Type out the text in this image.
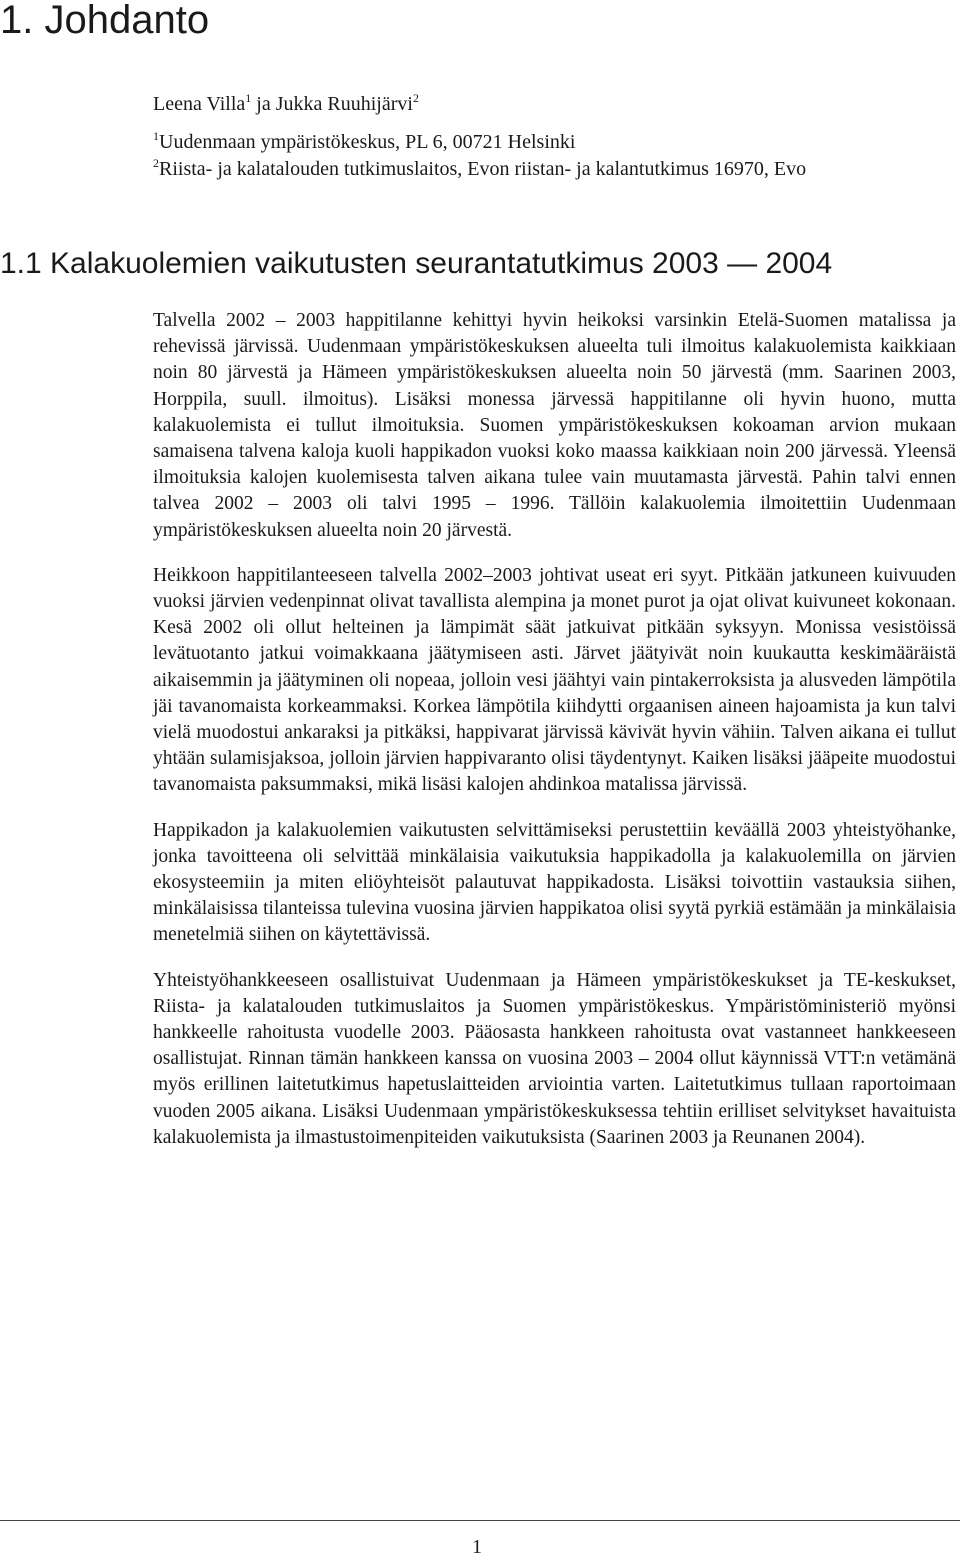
1. Johdanto
Leena Villa$^1$ ja Jukka Ruuhijärvi$^2$
$^1$Uudenmaan ympäristökeskus, PL 6, 00721 Helsinki
$^2$Riista- ja kalatalouden tutkimuslaitos, Evon riistan- ja kalantutkimus 16970, Evo
1.1 Kalakuolemien vaikutusten seurantatutkimus 2003 — 2004

Talvella 2002 – 2003 happitilanne kehittyi hyvin heikoksi varsinkin Etelä-Suomen matalissa ja rehevissä järvissä. Uudenmaan ympäristökeskuksen alueelta tuli ilmoitus kalakuolemista kaikkiaan noin 80 järvestä ja Hämeen ympäristökeskuksen alueelta noin 50 järvestä (mm. Saarinen 2003, Horppila, suull. ilmoitus). Lisäksi monessa järvessä happitilanne oli hyvin huono, mutta kalakuolemista ei tullut ilmoituksia. Suomen ympäristökeskuksen kokoaman arvion mukaan samaisena talvena kaloja kuoli happikadon vuoksi koko maassa kaikkiaan noin 200 järvessä. Yleensä ilmoituksia kalojen kuolemisesta talven aikana tulee vain muutamasta järvestä. Pahin talvi ennen talvea 2002 – 2003 oli talvi 1995 – 1996. Tällöin kalakuolemia ilmoitettiin Uudenmaan ympäristökeskuksen alueelta noin 20 järvestä.

Heikkoon happitilanteeseen talvella 2002–2003 johtivat useat eri syyt. Pitkään jatkuneen kuivuuden vuoksi järvien vedenpinnat olivat tavallista alempina ja monet purot ja ojat olivat kuivuneet kokonaan. Kesä 2002 oli ollut helteinen ja lämpimät säät jatkuivat pitkään syksyyn. Monissa vesistöissä levätuotanto jatkui voimakkaana jäätymiseen asti. Järvet jäätyivät noin kuukautta keskimääräistä aikaisemmin ja jäätyminen oli nopeaa, jolloin vesi jäähtyi vain pintakerroksista ja alusveden lämpötila jäi tavanomaista korkeammaksi. Korkea lämpötila kiihdytti orgaanisen aineen hajoamista ja kun talvi vielä muodostui ankaraksi ja pitkäksi, happivarat järvissä kävivät hyvin vähiin. Talven aikana ei tullut yhtään sulamisjaksoa, jolloin järvien happivaranto olisi täydentynyt. Kaiken lisäksi jääpeite muodostui tavanomaista paksummaksi, mikä lisäsi kalojen ahdinkoa matalissa järvissä.

Happikadon ja kalakuolemien vaikutusten selvittämiseksi perustettiin keväällä 2003 yhteistyöhanke, jonka tavoitteena oli selvittää minkälaisia vaikutuksia happikadolla ja kalakuolemilla on järvien ekosysteemiin ja miten eliöyhteisöt palautuvat happikadosta. Lisäksi toivottiin vastauksia siihen, minkälaisissa tilanteissa tulevina vuosina järvien happikatoa olisi syytä pyrkiä estämään ja minkälaisia menetelmiä siihen on käytettävissä.

Yhteistyöhankkeeseen osallistuivat Uudenmaan ja Hämeen ympäristökeskukset ja TE-keskukset, Riista- ja kalatalouden tutkimuslaitos ja Suomen ympäristökeskus. Ympäristöministeriö myönsi hankkeelle rahoitusta vuodelle 2003. Pääosasta hankkeen rahoitusta ovat vastanneet hankkeeseen osallistujat. Rinnan tämän hankkeen kanssa on vuosina 2003 – 2004 ollut käynnissä VTT:n vetämänä myös erillinen laitetutkimus hapetuslaitteiden arviointia varten. Laitetutkimus tullaan raportoimaan vuoden 2005 aikana. Lisäksi Uudenmaan ympäristökeskuksessa tehtiin erilliset selvitykset havaituista kalakuolemista ja ilmastustoimenpiteiden vaikutuksista (Saarinen 2003 ja Reunanen 2004).

1
